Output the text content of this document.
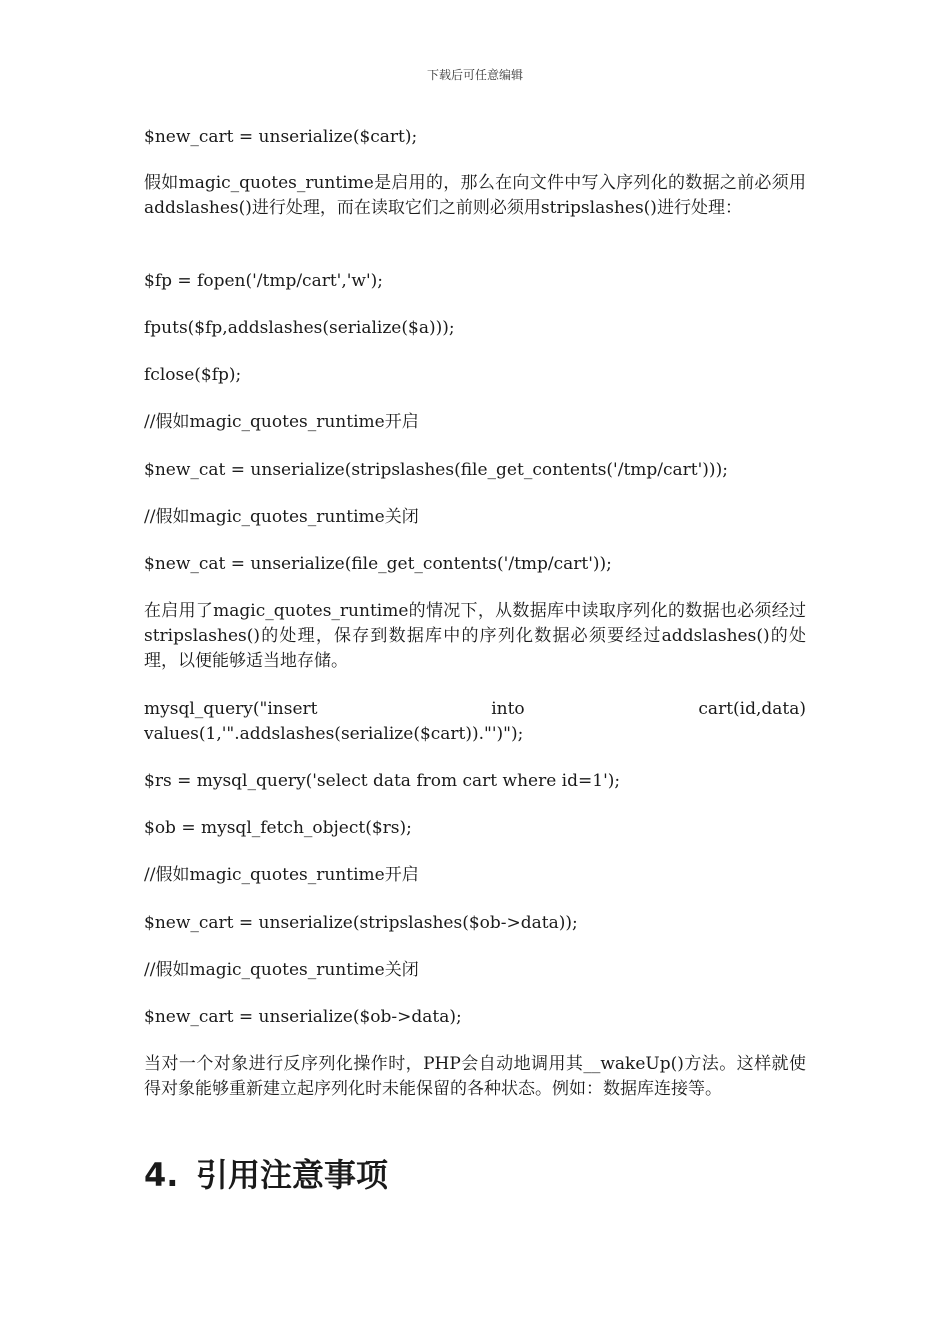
下载后可任意编辑
$new_cart = unserialize($cart);
假如magic_quotes_runtime是启用的，那么在向文件中写入序列化的数据之前必须用addslashes()进行处理，而在读取它们之前则必须用stripslashes()进行处理：
$fp = fopen('/tmp/cart','w');
fputs($fp,addslashes(serialize($a)));
fclose($fp);
//假如magic_quotes_runtime开启
$new_cat = unserialize(stripslashes(file_get_contents('/tmp/cart')));
//假如magic_quotes_runtime关闭
$new_cat = unserialize(file_get_contents('/tmp/cart'));
在启用了magic_quotes_runtime的情况下，从数据库中读取序列化的数据也必须经过stripslashes()的处理，保存到数据库中的序列化数据必须要经过addslashes()的处理，以便能够适当地存储。
mysql_query("insert	into	cart(id,data)
values(1,'".addslashes(serialize($cart))."')");
$rs = mysql_query('select data from cart where id=1');
$ob = mysql_fetch_object($rs);
//假如magic_quotes_runtime开启
$new_cart = unserialize(stripslashes($ob->data));
//假如magic_quotes_runtime关闭
$new_cart = unserialize($ob->data);
当对一个对象进行反序列化操作时，PHP会自动地调用其__wakeUp()方法。这样就使得对象能够重新建立起序列化时未能保留的各种状态。例如：数据库连接等。
4. 引用注意事项
